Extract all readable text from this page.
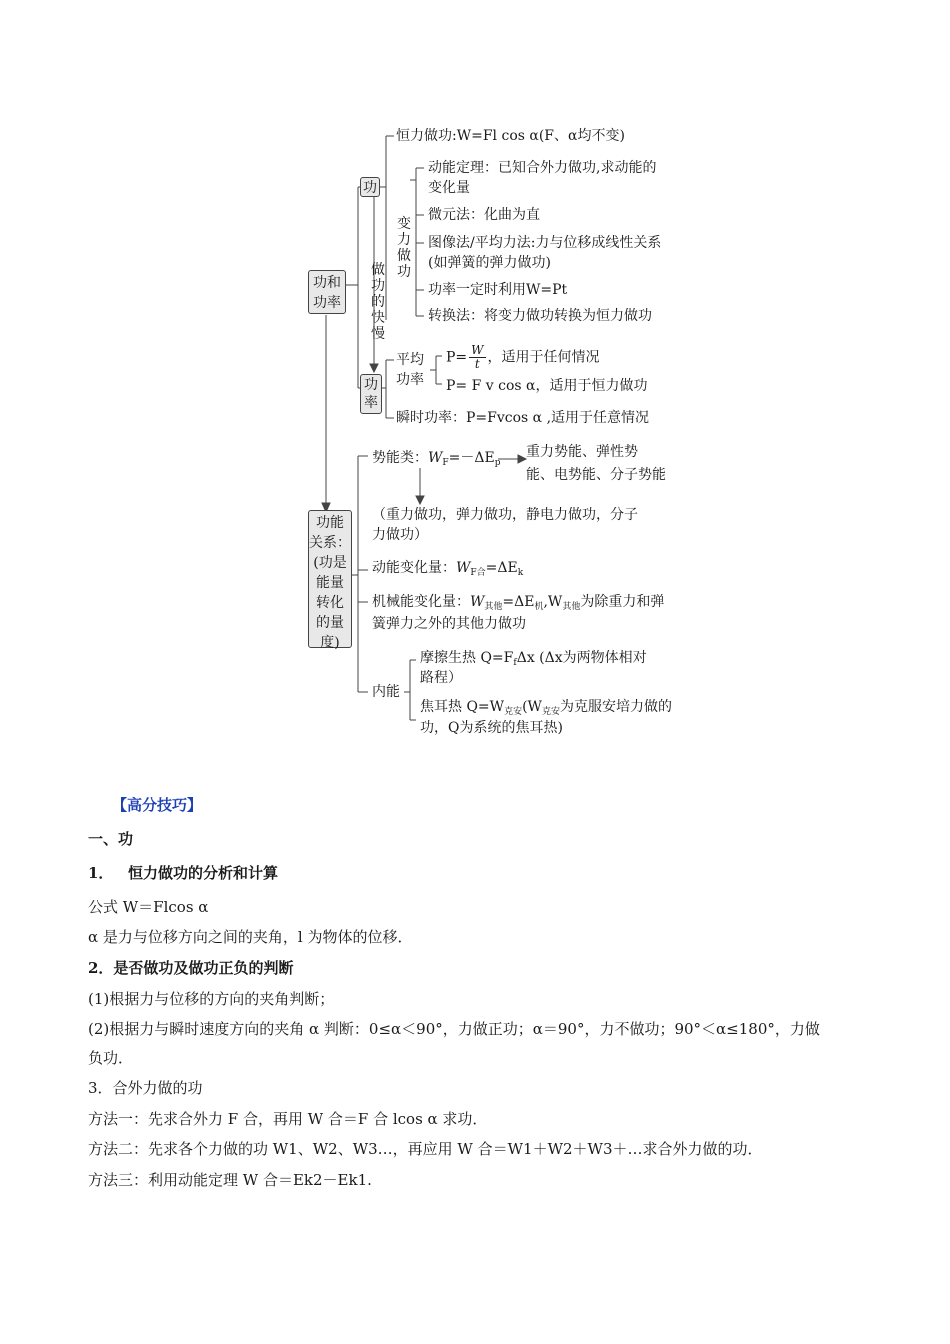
功和功率
功能
关系：
(功是
能量
转化
的量
度)
功
功率
做功的快慢
变力做功
恒力做功:W=Fl cos α(F、α均不变)
动能定理：已知合外力做功,求动能的
变化量
微元法：化曲为直
图像法/平均力法:力与位移成线性关系
(如弹簧的弹力做功)
功率一定时利用W=Pt
转换法：将变力做功转换为恒力做功
平均功率
$P= \frac{W}{t}$ ，适用于任何情况
P= F v cos α，适用于恒力做功
瞬时功率：P=Fvcos α ,适用于任意情况
势能类：$W_F=-\Delta E_p$
重力势能、弹性势
能、电势能、分子势能
（重力做功，弹力做功，静电力做功，分子
力做功）
动能变化量：$W_{F合}=\Delta E_k$
机械能变化量：$W_{其他}=\Delta E_机,W_{其他}$为除重力和弹
簧弹力之外的其他力做功
内能
摩擦生热 $Q=F_f\Delta x$ (Δx为两物体相对
路程）
焦耳热 $Q=W_{克安}(W_{克安}$为克服安培力做的
功，Q为系统的焦耳热)
【高分技巧】
一、功
1． 恒力做功的分析和计算
公式 W＝Flcos α
α 是力与位移方向之间的夹角，l 为物体的位移．
2．是否做功及做功正负的判断
(1)根据力与位移的方向的夹角判断；
(2)根据力与瞬时速度方向的夹角 α 判断：0≤α＜90°，力做正功；α＝90°，力不做功；90°＜α≤180°，力做
负功．
3．合外力做的功
方法一：先求合外力 F 合，再用 W 合＝F 合 lcos α 求功．
方法二：先求各个力做的功 W1、W2、W3…，再应用 W 合＝W1＋W2＋W3＋…求合外力做的功．
方法三：利用动能定理 W 合＝Ek2－Ek1.
